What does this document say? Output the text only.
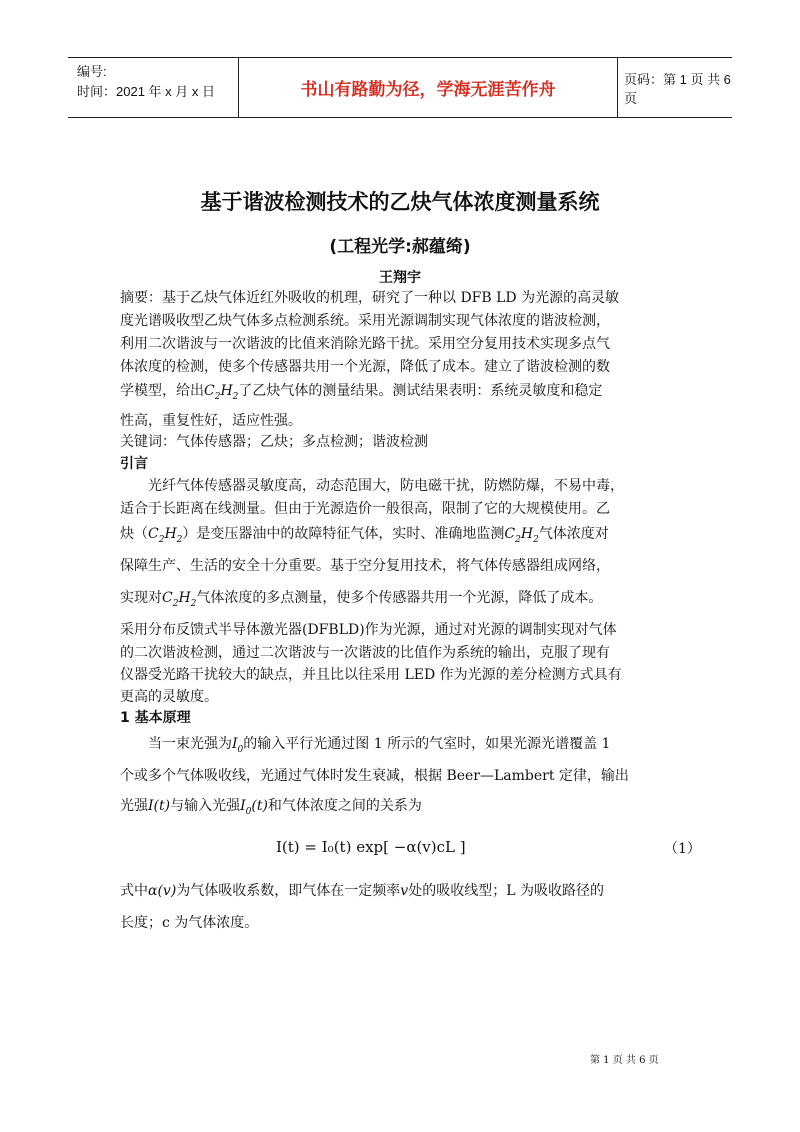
编号:
时间：2021 年 x 月 x 日	书山有路勤为径，学海无涯苦作舟
页码：第 1 页 共 6 页
基于谐波检测技术的乙炔气体浓度测量系统
(工程光学:郝蕴绮)
王翔宇
摘要：基于乙炔气体近红外吸收的机理，研究了一种以 DFB LD 为光源的高灵敏
度光谱吸收型乙炔气体多点检测系统。采用光源调制实现气体浓度的谐波检测，
利用二次谐波与一次谐波的比值来消除光路干扰。采用空分复用技术实现多点气
体浓度的检测，使多个传感器共用一个光源，降低了成本。建立了谐波检测的数
学模型，给出$C_2H_2$了乙炔气体的测量结果。测试结果表明：系统灵敏度和稳定
性高，重复性好，适应性强。
关键词：气体传感器；乙炔；多点检测；谐波检测
引言
光纤气体传感器灵敏度高，动态范围大，防电磁干扰，防燃防爆，不易中毒，
适合于长距离在线测量。但由于光源造价一般很高，限制了它的大规模使用。乙
炔$(C_2H_2)$是变压器油中的故障特征气体，实时、准确地监测$C_2H_2$气体浓度对
保障生产、生活的安全十分重要。基于空分复用技术，将气体传感器组成网络，
实现对$C_2H_2$气体浓度的多点测量，使多个传感器共用一个光源，降低了成本。
采用分布反馈式半导体激光器(DFBLD)作为光源，通过对光源的调制实现对气体
的二次谐波检测，通过二次谐波与一次谐波的比值作为系统的输出，克服了现有
仪器受光路干扰较大的缺点，并且比以往采用 LED 作为光源的差分检测方式具有
更高的灵敏度。
1 基本原理
当一束光强为$I_0$的输入平行光通过图 1 所示的气室时，如果光源光谱覆盖 1
个或多个气体吸收线，光通过气体时发生衰减，根据 Beer—Lambert 定律，输出
光强I(t)与输入光强$I_0(t)$和气体浓度之间的关系为
I(t) = I₀(t) exp[ −α(v)cL ]	（1）
式中α(v)为气体吸收系数，即气体在一定频率v处的吸收线型；L 为吸收路径的
长度；c 为气体浓度。
第 1 页 共 6 页
